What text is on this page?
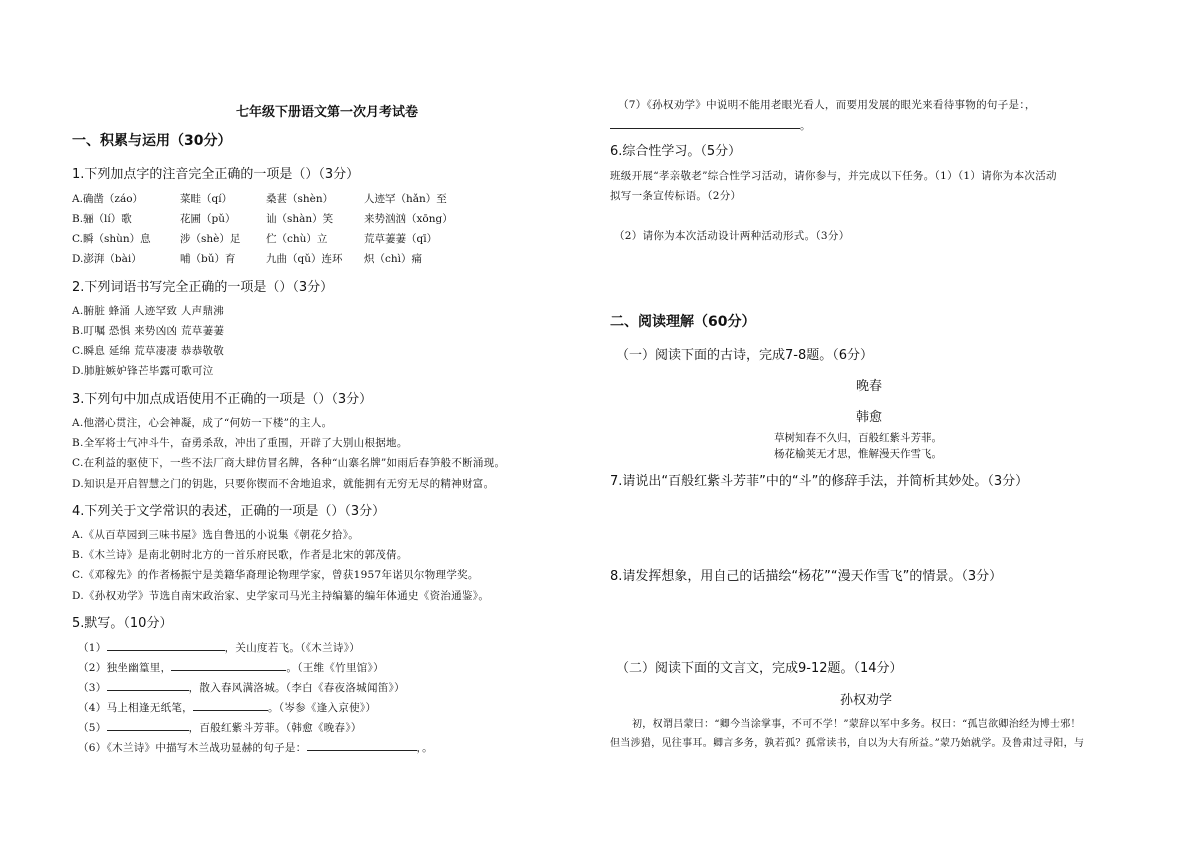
七年级下册语文第一次月考试卷
一、积累与运用（30分）
1.下列加点字的注音完全正确的一项是（）（3分）
A.确凿（záo）	菜畦（qí）	桑葚（shèn）	人迹罕（hǎn）至
B.骊（lí）歌	花圃（pǔ）	讪（shàn）笑	来势汹汹（xōng）
C.瞬（shùn）息	涉（shè）足 伫（chù）立	荒草萋萋（qī）
D.澎湃（bài）	哺（bǔ）育	九曲（qǔ）连环 炽（chì）痛
2.下列词语书写完全正确的一项是（）（3分）
A.腑脏 蜂涌 人迹罕致 人声鼎沸
B.叮嘱 恐惧 来势凶凶 荒草萋萋
C.瞬息 延绵 荒草凄凄 恭恭敬敬
D.肺脏嫉妒锋芒毕露可歌可泣
3.下列句中加点成语使用不正确的一项是（）（3分）
A.他潜心贯注，心会神凝，成了“何妨一下楼”的主人。
B.全军将士气冲斗牛，奋勇杀敌，冲出了重围，开辟了大别山根据地。
C.在利益的驱使下，一些不法厂商大肆仿冒名牌，各种“山寨名牌”如雨后春笋般不断涌现。
D.知识是开启智慧之门的钥匙，只要你锲而不舍地追求，就能拥有无穷无尽的精神财富。
4.下列关于文学常识的表述，正确的一项是（）（3分）
A.《从百草园到三味书屋》选自鲁迅的小说集《朝花夕拾》。
B.《木兰诗》是南北朝时北方的一首乐府民歌，作者是北宋的郭茂倩。
C.《邓稼先》的作者杨振宁是美籍华裔理论物理学家，曾获1957年诺贝尔物理学奖。
D.《孙权劝学》节选自南宋政治家、史学家司马光主持编纂的编年体通史《资治通鉴》。
5.默写。（10分）
（1）	，关山度若飞。（《木兰诗》）
（2）独坐幽篁里，	。（王维《竹里馆》）
（3）	，散入春风满洛城。（李白《春夜洛城闻笛》）
（4）马上相逢无纸笔，	。（岑参《逢入京使》）
（5）	，百般红紫斗芳菲。（韩愈《晚春》）
（6）《木兰诗》中描写木兰战功显赫的句子是：	，。
（7）《孙权劝学》中说明不能用老眼光看人，而要用发展的眼光来看待事物的句子是：，
。
6.综合性学习。（5分）
班级开展“孝亲敬老”综合性学习活动，请你参与，并完成以下任务。（1）（1）请你为本次活动
拟写一条宣传标语。（2分）
（2）请你为本次活动设计两种活动形式。（3分）
二、阅读理解（60分）
（一）阅读下面的古诗，完成7-8题。（6分）
晚春
韩愈
草树知春不久归，百般红紫斗芳菲。
杨花榆荚无才思，惟解漫天作雪飞。
7.请说出“百般红紫斗芳菲”中的“斗”的修辞手法，并简析其妙处。（3分）
8.请发挥想象，用自己的话描绘“杨花”“漫天作雪飞”的情景。（3分）
（二）阅读下面的文言文，完成9-12题。（14分）
孙权劝学
初，权谓吕蒙曰：“卿今当涂掌事，不可不学！”蒙辞以军中多务。权曰：“孤岂欲卿治经为博士邪！
但当涉猎，见往事耳。卿言多务，孰若孤？孤常读书，自以为大有所益。”蒙乃始就学。及鲁肃过寻阳，与
